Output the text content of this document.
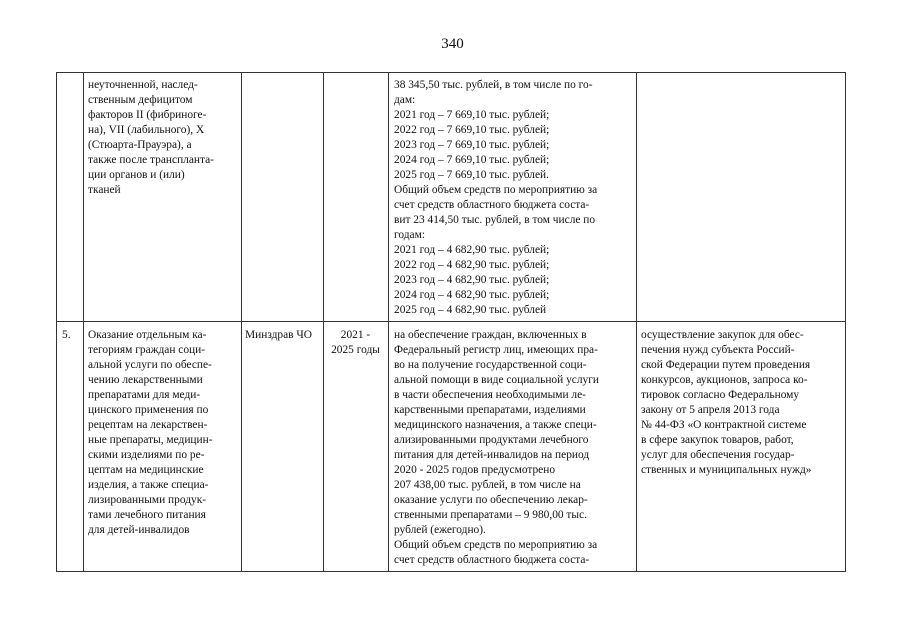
340

неуточненной, наслед-

ственным дефицитом

факторов II (фибриноге-

на), VII (лабильного), X

(Стюарта-Прауэра), а

также после транспланта-

ции органов и (или)

тканей

38 345,50 тыс. рублей, в том числе по го-

дам:

2021 год – 7 669,10 тыс. рублей;

2022 год – 7 669,10 тыс. рублей;

2023 год – 7 669,10 тыс. рублей;

2024 год – 7 669,10 тыс. рублей;

2025 год – 7 669,10 тыс. рублей.

Общий объем средств по мероприятию за

счет средств областного бюджета соста-

вит 23 414,50 тыс. рублей, в том числе по

годам:

2021 год – 4 682,90 тыс. рублей;

2022 год – 4 682,90 тыс. рублей;

2023 год – 4 682,90 тыс. рублей;

2024 год – 4 682,90 тыс. рублей;

2025 год – 4 682,90 тыс. рублей

5.	Оказание отдельным ка-

тегориям граждан соци-

альной услуги по обеспе-

чению лекарственными

препаратами для меди-

цинского применения по

рецептам на лекарствен-

ные препараты, медицин-

скими изделиями по ре-

цептам на медицинские

изделия, а также специа-

лизированными продук-

тами лечебного питания

для детей-инвалидов

Минздрав ЧО	2021 -

2025 годы

на обеспечение граждан, включенных в

Федеральный регистр лиц, имеющих пра-

во на получение государственной соци-

альной помощи в виде социальной услуги

в части обеспечения необходимыми ле-

карственными препаратами, изделиями

медицинского назначения, а также специ-

ализированными продуктами лечебного

питания для детей-инвалидов на период

2020 - 2025 годов предусмотрено

207 438,00 тыс. рублей, в том числе на

оказание услуги по обеспечению лекар-

ственными препаратами – 9 980,00 тыс.

рублей (ежегодно).

Общий объем средств по мероприятию за

счет средств областного бюджета соста-

осуществление закупок для обес-

печения нужд субъекта Россий-

ской Федерации путем проведения

конкурсов, аукционов, запроса ко-

тировок согласно Федеральному

закону от 5 апреля 2013 года

№ 44-ФЗ «О контрактной системе

в сфере закупок товаров, работ,

услуг для обеспечения государ-

ственных и муниципальных нужд»
